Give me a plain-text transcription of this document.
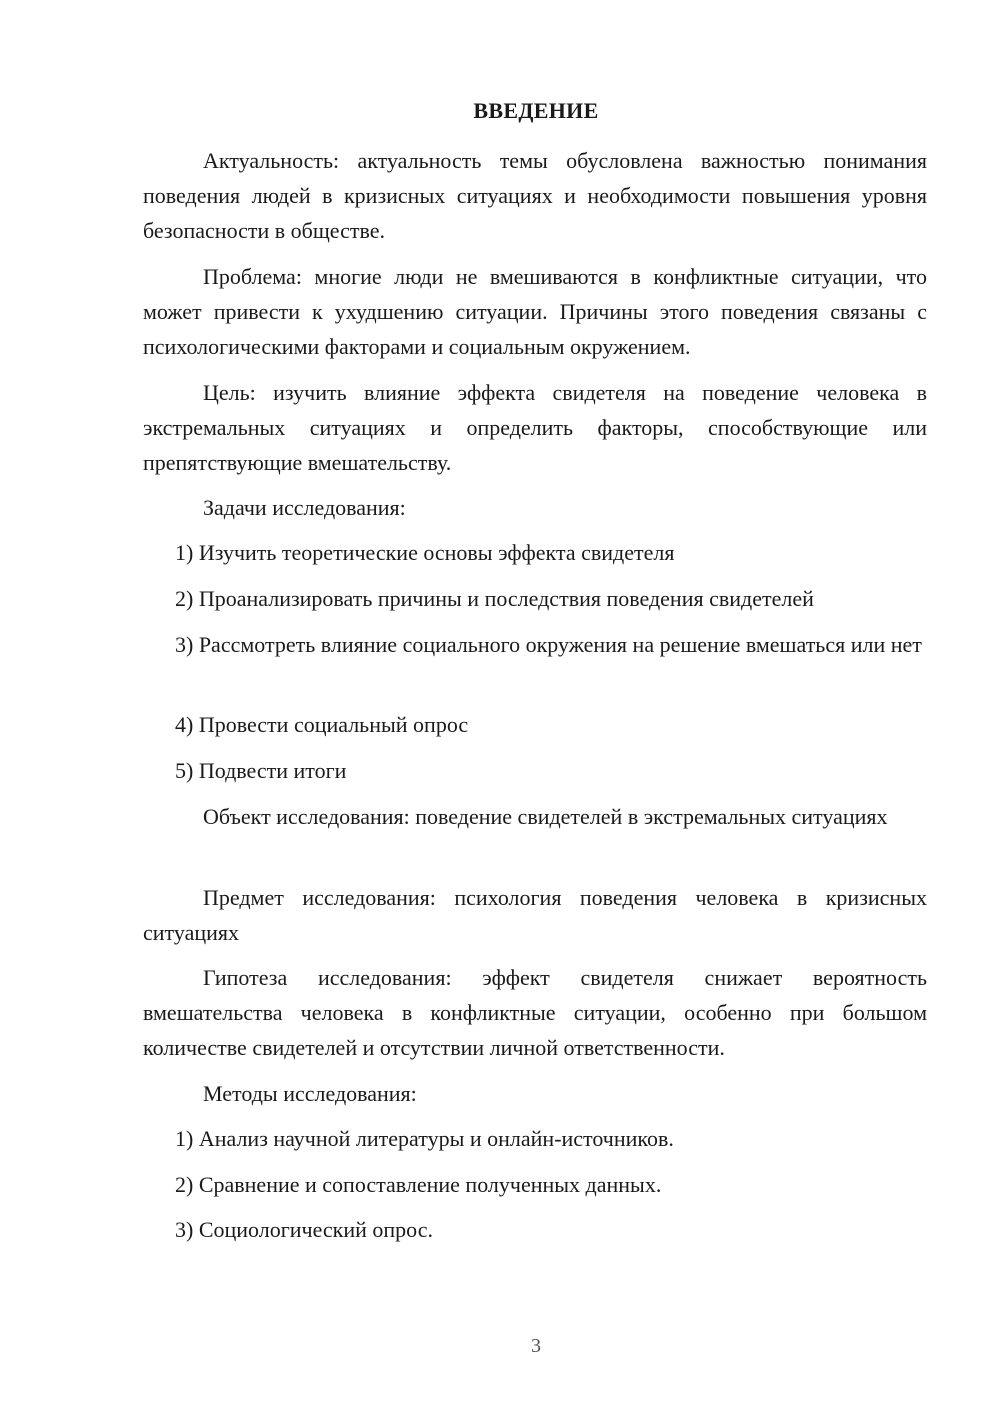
ВВЕДЕНИЕ
Актуальность: актуальность темы обусловлена важностью понимания поведения людей в кризисных ситуациях и необходимости повышения уровня безопасности в обществе.
Проблема: многие люди не вмешиваются в конфликтные ситуации, что может привести к ухудшению ситуации. Причины этого поведения связаны с психологическими факторами и социальным окружением.
Цель: изучить влияние эффекта свидетеля на поведение человека в экстремальных ситуациях и определить факторы, способствующие или препятствующие вмешательству.
Задачи исследования:
1) Изучить теоретические основы эффекта свидетеля
2) Проанализировать причины и последствия поведения свидетелей
3) Рассмотреть влияние социального окружения на решение вмешаться или нет
4) Провести социальный опрос
5) Подвести итоги
Объект исследования: поведение свидетелей в экстремальных ситуациях
Предмет исследования: психология поведения человека в кризисных ситуациях
Гипотеза исследования: эффект свидетеля снижает вероятность вмешательства человека в конфликтные ситуации, особенно при большом количестве свидетелей и отсутствии личной ответственности.
Методы исследования:
1) Анализ научной литературы и онлайн-источников.
2) Сравнение и сопоставление полученных данных.
3) Социологический опрос.
3
